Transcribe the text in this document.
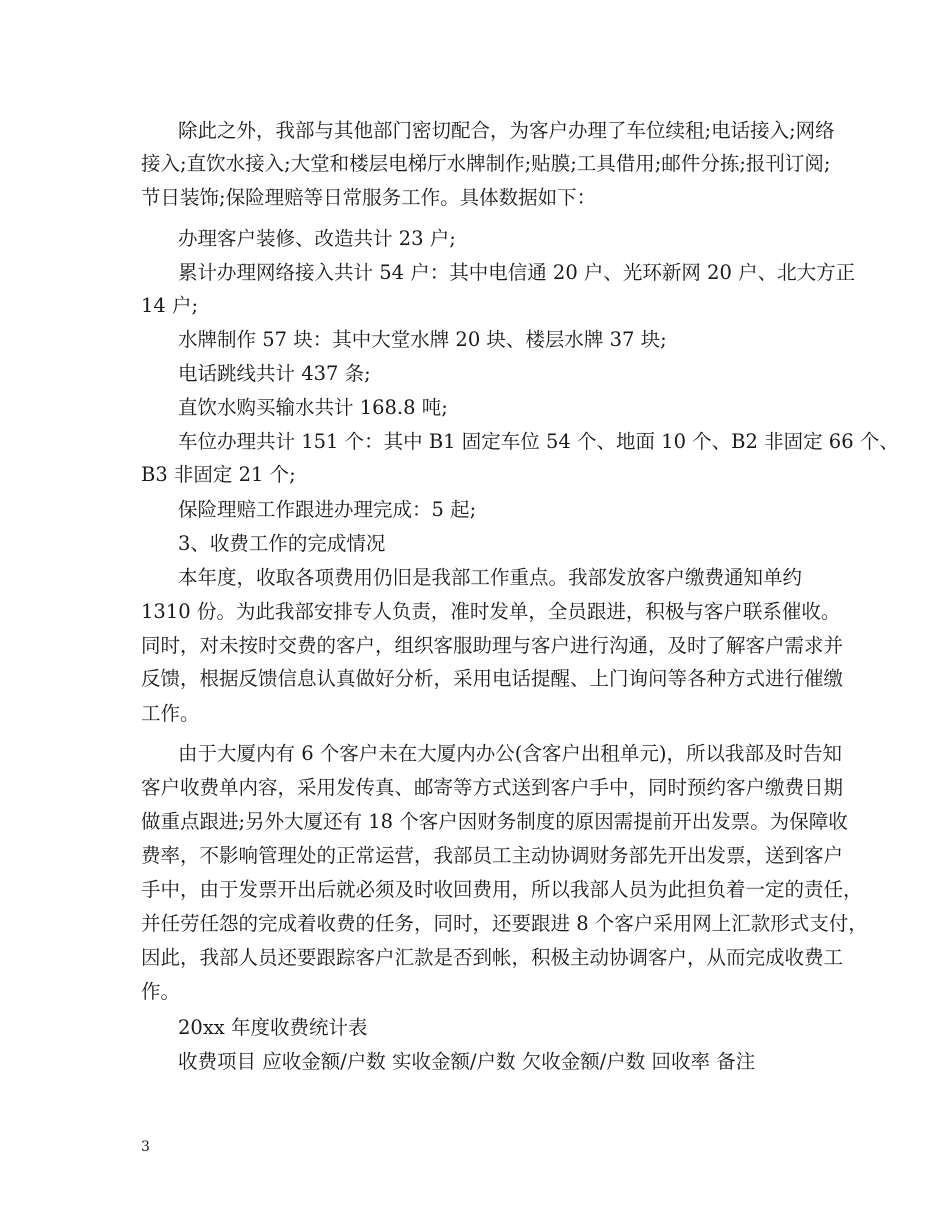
除此之外，我部与其他部门密切配合，为客户办理了车位续租;电话接入;网络
接入;直饮水接入;大堂和楼层电梯厅水牌制作;贴膜;工具借用;邮件分拣;报刊订阅;
节日装饰;保险理赔等日常服务工作。具体数据如下：
办理客户装修、改造共计 23 户;
累计办理网络接入共计 54 户：其中电信通 20 户、光环新网 20 户、北大方正
14 户;
水牌制作 57 块：其中大堂水牌 20 块、楼层水牌 37 块;
电话跳线共计 437 条;
直饮水购买输水共计 168.8 吨;
车位办理共计 151 个：其中 B1 固定车位 54 个、地面 10 个、B2 非固定 66 个、
B3 非固定 21 个;
保险理赔工作跟进办理完成：5 起;
3、收费工作的完成情况
本年度，收取各项费用仍旧是我部工作重点。我部发放客户缴费通知单约
1310 份。为此我部安排专人负责，准时发单，全员跟进，积极与客户联系催收。
同时，对未按时交费的客户，组织客服助理与客户进行沟通，及时了解客户需求并
反馈，根据反馈信息认真做好分析，采用电话提醒、上门询问等各种方式进行催缴
工作。
由于大厦内有 6 个客户未在大厦内办公(含客户出租单元)，所以我部及时告知
客户收费单内容，采用发传真、邮寄等方式送到客户手中，同时预约客户缴费日期
做重点跟进;另外大厦还有 18 个客户因财务制度的原因需提前开出发票。为保障收
费率，不影响管理处的正常运营，我部员工主动协调财务部先开出发票，送到客户
手中，由于发票开出后就必须及时收回费用，所以我部人员为此担负着一定的责任，
并任劳任怨的完成着收费的任务，同时，还要跟进 8 个客户采用网上汇款形式支付，
因此，我部人员还要跟踪客户汇款是否到帐，积极主动协调客户，从而完成收费工
作。
20xx 年度收费统计表
收费项目 应收金额/户数 实收金额/户数 欠收金额/户数 回收率 备注
3
